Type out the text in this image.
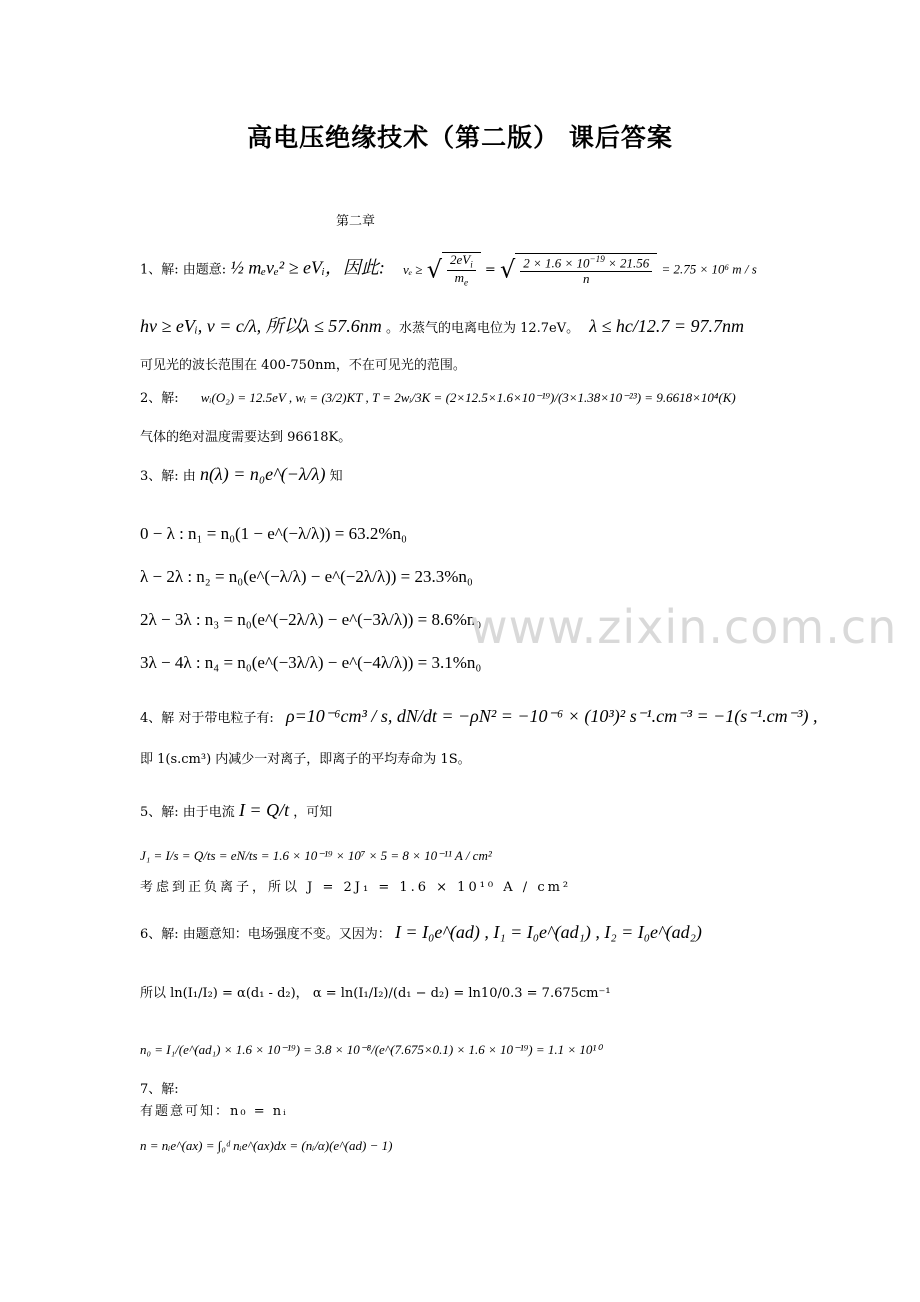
高电压绝缘技术（第二版） 课后答案
第二章
1、解: 由题意: ½ mₑvₑ² ≥ eVᵢ，因此: vₑ ≥ √ $\frac{2eV_i}{m_e}$ = √ $\frac{2 \times 1.6 \times 10^{-19} \times 21.56}{n} = 2.75 \times 10^6$ m / s
hv ≥ eVᵢ, v = c/λ, 所以λ ≤ 57.6nm 。水蒸气的电离电位为 12.7eV。 λ ≤ hc/12.7 = 97.7nm
可见光的波长范围在 400-750nm，不在可见光的范围。
2、解: wᵢ(O₂) = 12.5eV , wᵢ = (3/2)KT , T = 2wᵢ/3K = (2×12.5×1.6×10⁻¹⁹)/(3×1.38×10⁻²³) = 9.6618×10⁴(K)
气体的绝对温度需要达到 96618K。
3、解: 由 n(λ) = n₀e^(−λ/λ) 知
0 − λ : n₁ = n₀(1 − e^(−λ/λ)) = 63.2%n₀
λ − 2λ : n₂ = n₀(e^(−λ/λ) − e^(−2λ/λ)) = 23.3%n₀
2λ − 3λ : n₃ = n₀(e^(−2λ/λ) − e^(−3λ/λ)) = 8.6%n₀
3λ − 4λ : n₄ = n₀(e^(−3λ/λ) − e^(−4λ/λ)) = 3.1%n₀
4、解 对于带电粒子有: ρ=10⁻⁶cm³ / s, dN/dt = −ρN² = −10⁻⁶ × (10³)² s⁻¹.cm⁻³ = −1(s⁻¹.cm⁻³) ,
即 1(s.cm³) 内减少一对离子，即离子的平均寿命为 1S。
5、解: 由于电流 I = Q/t ，可知
J₁ = I/s = Q/ts = eN/ts = 1.6 × 10⁻¹⁹ × 10⁷ × 5 = 8 × 10⁻¹¹ A / cm²
考虑到正负离子，所以 J = 2J₁ = 1.6 × 10¹⁰ A / cm²
6、解: 由题意知：电场强度不变。又因为： I = I₀e^(ad) , I₁ = I₀e^(ad₁) , I₂ = I₀e^(ad₂)
所以 ln(I₁/I₂) = α(d₁ - d₂)， α = ln(I₁/I₂)/(d₁ − d₂) = ln10/0.3 = 7.675cm⁻¹
n₀ = I₁/(e^(ad₁) × 1.6 × 10⁻¹⁹) = 3.8 × 10⁻⁸/(e^(7.675×0.1) × 1.6 × 10⁻¹⁹) = 1.1 × 10¹⁰
7、解:
有题意可知：n₀ = nᵢ
n = nᵢe^(ax) = ∫₀ᵈ nᵢe^(ax)dx = (nᵢ/α)(e^(ad) − 1)
www.zixin.com.cn
